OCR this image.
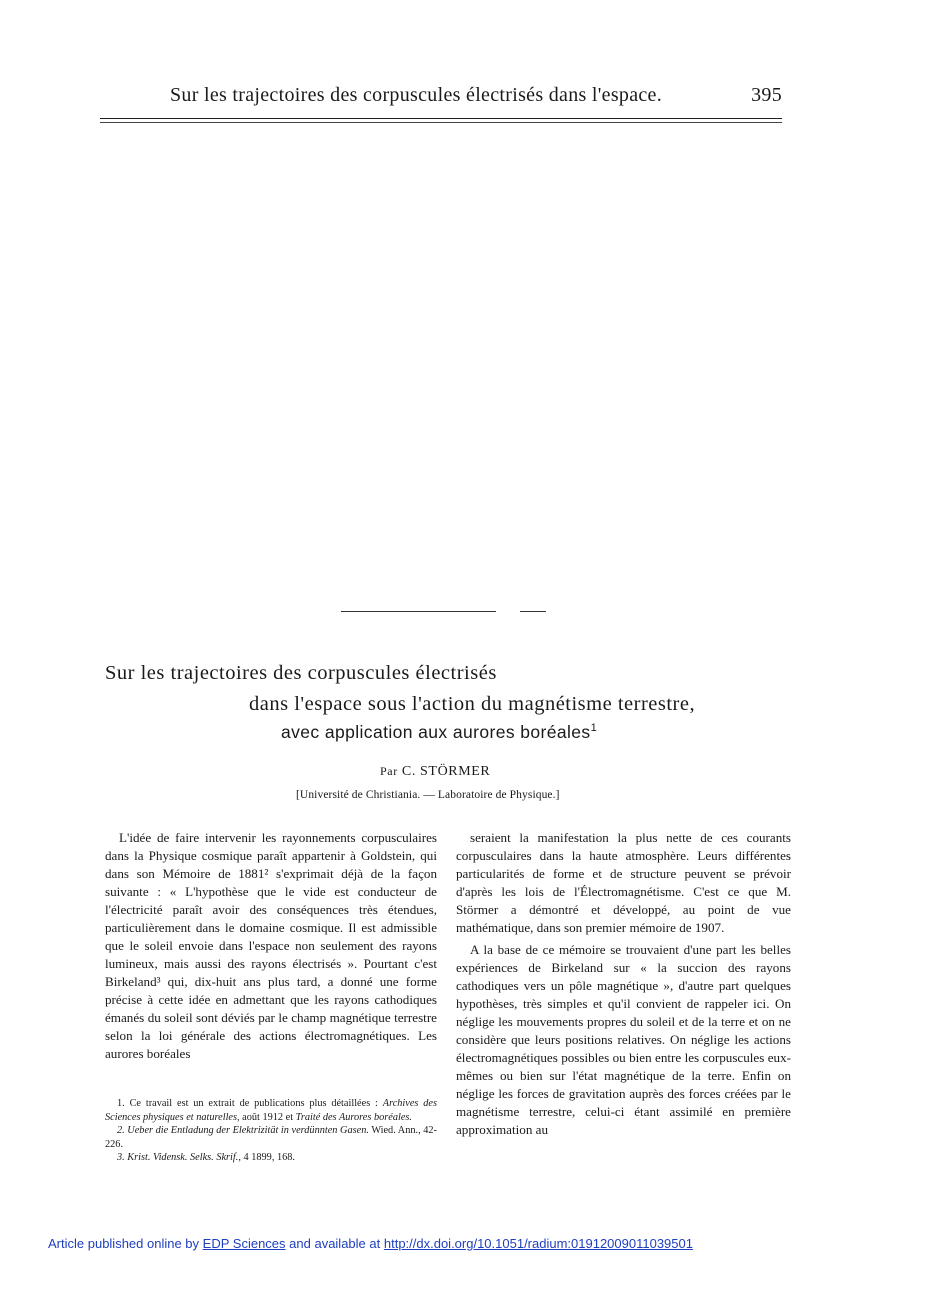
Sur les trajectoires des corpuscules électrisés dans l'espace.	395
Sur les trajectoires des corpuscules électrisés
dans l'espace sous l'action du magnétisme terrestre,
avec application aux aurores boréales$^1$
Par C. STÖRMER
[Université de Christiania. — Laboratoire de Physique.]

L'idée de faire intervenir les rayonnements corpusculaires dans la Physique cosmique paraît appartenir à Goldstein, qui dans son Mémoire de 1881² s'exprimait déjà de la façon suivante : « L'hypothèse que le vide est conducteur de l'électricité paraît avoir des conséquences très étendues, particulièrement dans le domaine cosmique. Il est admissible que le soleil envoie dans l'espace non seulement des rayons lumineux, mais aussi des rayons électrisés ». Pourtant c'est Birkeland³ qui, dix-huit ans plus tard, a donné une forme précise à cette idée en admettant que les rayons cathodiques émanés du soleil sont déviés par le champ magnétique terrestre selon la loi générale des actions électromagnétiques. Les aurores boréales

seraient la manifestation la plus nette de ces courants corpusculaires dans la haute atmosphère. Leurs différentes particularités de forme et de structure peuvent se prévoir d'après les lois de l'Électromagnétisme. C'est ce que M. Störmer a démontré et développé, au point de vue mathématique, dans son premier mémoire de 1907.

A la base de ce mémoire se trouvaient d'une part les belles expériences de Birkeland sur « la succion des rayons cathodiques vers un pôle magnétique », d'autre part quelques hypothèses, très simples et qu'il convient de rappeler ici. On néglige les mouvements propres du soleil et de la terre et on ne considère que leurs positions relatives. On néglige les actions électromagnétiques possibles ou bien entre les corpuscules eux-mêmes ou bien sur l'état magnétique de la terre. Enfin on néglige les forces de gravitation auprès des forces créées par le magnétisme terrestre, celui-ci étant assimilé en première approximation au

1. Ce travail est un extrait de publications plus détaillées : Archives des Sciences physiques et naturelles, août 1912 et Traité des Aurores boréales.
2. Ueber die Entladung der Elektrizität in verdünnten Gasen. Wied. Ann., 42-226.
3. Krist. Vidensk. Selks. Skrif., 4 1899, 168.
Article published online by EDP Sciences and available at http://dx.doi.org/10.1051/radium:01912009011039501
